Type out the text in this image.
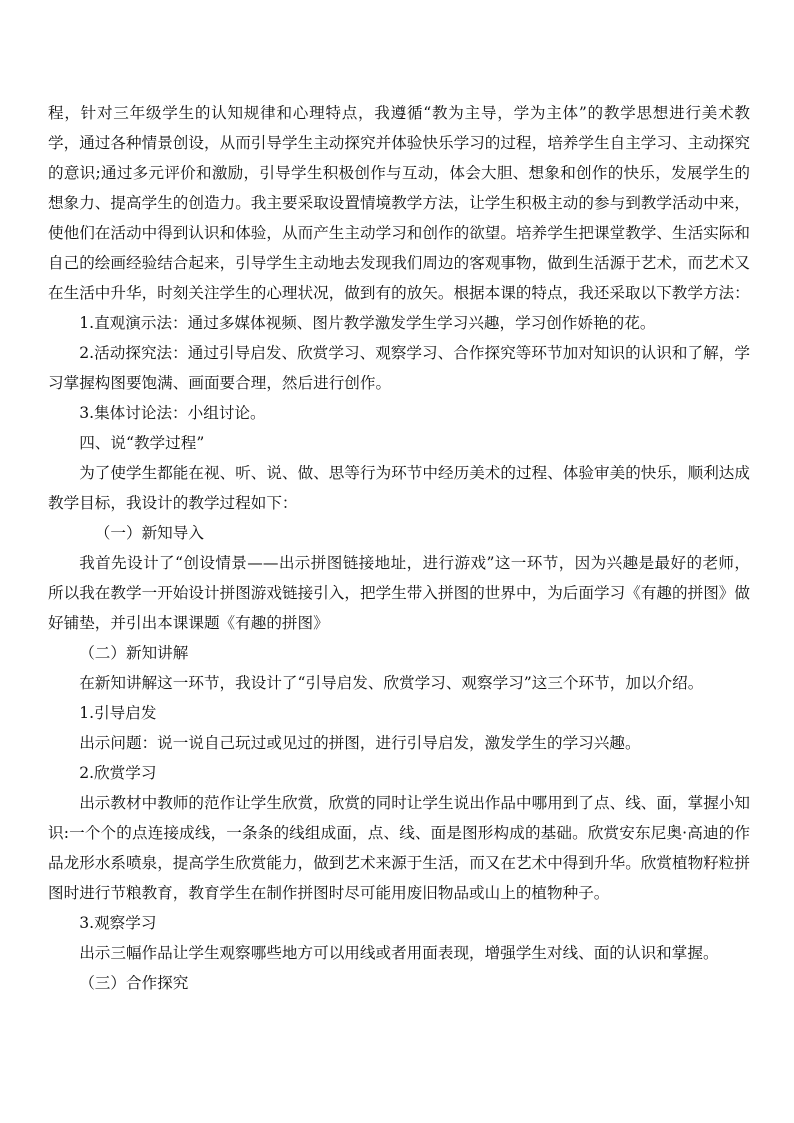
程，针对三年级学生的认知规律和心理特点，我遵循“教为主导，学为主体”的教学思想进行美术教学，通过各种情景创设，从而引导学生主动探究并体验快乐学习的过程，培养学生自主学习、主动探究的意识;通过多元评价和激励，引导学生积极创作与互动，体会大胆、想象和创作的快乐，发展学生的想象力、提高学生的创造力。我主要采取设置情境教学方法，让学生积极主动的参与到教学活动中来，使他们在活动中得到认识和体验，从而产生主动学习和创作的欲望。培养学生把课堂教学、生活实际和自己的绘画经验结合起来，引导学生主动地去发现我们周边的客观事物，做到生活源于艺术，而艺术又在生活中升华，时刻关注学生的心理状况，做到有的放矢。根据本课的特点，我还采取以下教学方法：

1.直观演示法：通过多媒体视频、图片教学激发学生学习兴趣，学习创作娇艳的花。

2.活动探究法：通过引导启发、欣赏学习、观察学习、合作探究等环节加对知识的认识和了解，学习掌握构图要饱满、画面要合理，然后进行创作。

3.集体讨论法：小组讨论。

四、说“教学过程”

为了使学生都能在视、听、说、做、思等行为环节中经历美术的过程、体验审美的快乐，顺利达成教学目标，我设计的教学过程如下：

（一）新知导入

我首先设计了“创设情景——出示拼图链接地址，进行游戏”这一环节，因为兴趣是最好的老师，所以我在教学一开始设计拼图游戏链接引入，把学生带入拼图的世界中，为后面学习《有趣的拼图》做好铺垫，并引出本课课题《有趣的拼图》

（二）新知讲解

在新知讲解这一环节，我设计了“引导启发、欣赏学习、观察学习”这三个环节，加以介绍。

1.引导启发

出示问题：说一说自己玩过或见过的拼图，进行引导启发，激发学生的学习兴趣。

2.欣赏学习

出示教材中教师的范作让学生欣赏，欣赏的同时让学生说出作品中哪用到了点、线、面，掌握小知识:一个个的点连接成线，一条条的线组成面，点、线、面是图形构成的基础。欣赏安东尼奥·高迪的作品龙形水系喷泉，提高学生欣赏能力，做到艺术来源于生活，而又在艺术中得到升华。欣赏植物籽粒拼图时进行节粮教育，教育学生在制作拼图时尽可能用废旧物品或山上的植物种子。

3.观察学习

出示三幅作品让学生观察哪些地方可以用线或者用面表现，增强学生对线、面的认识和掌握。

（三）合作探究
